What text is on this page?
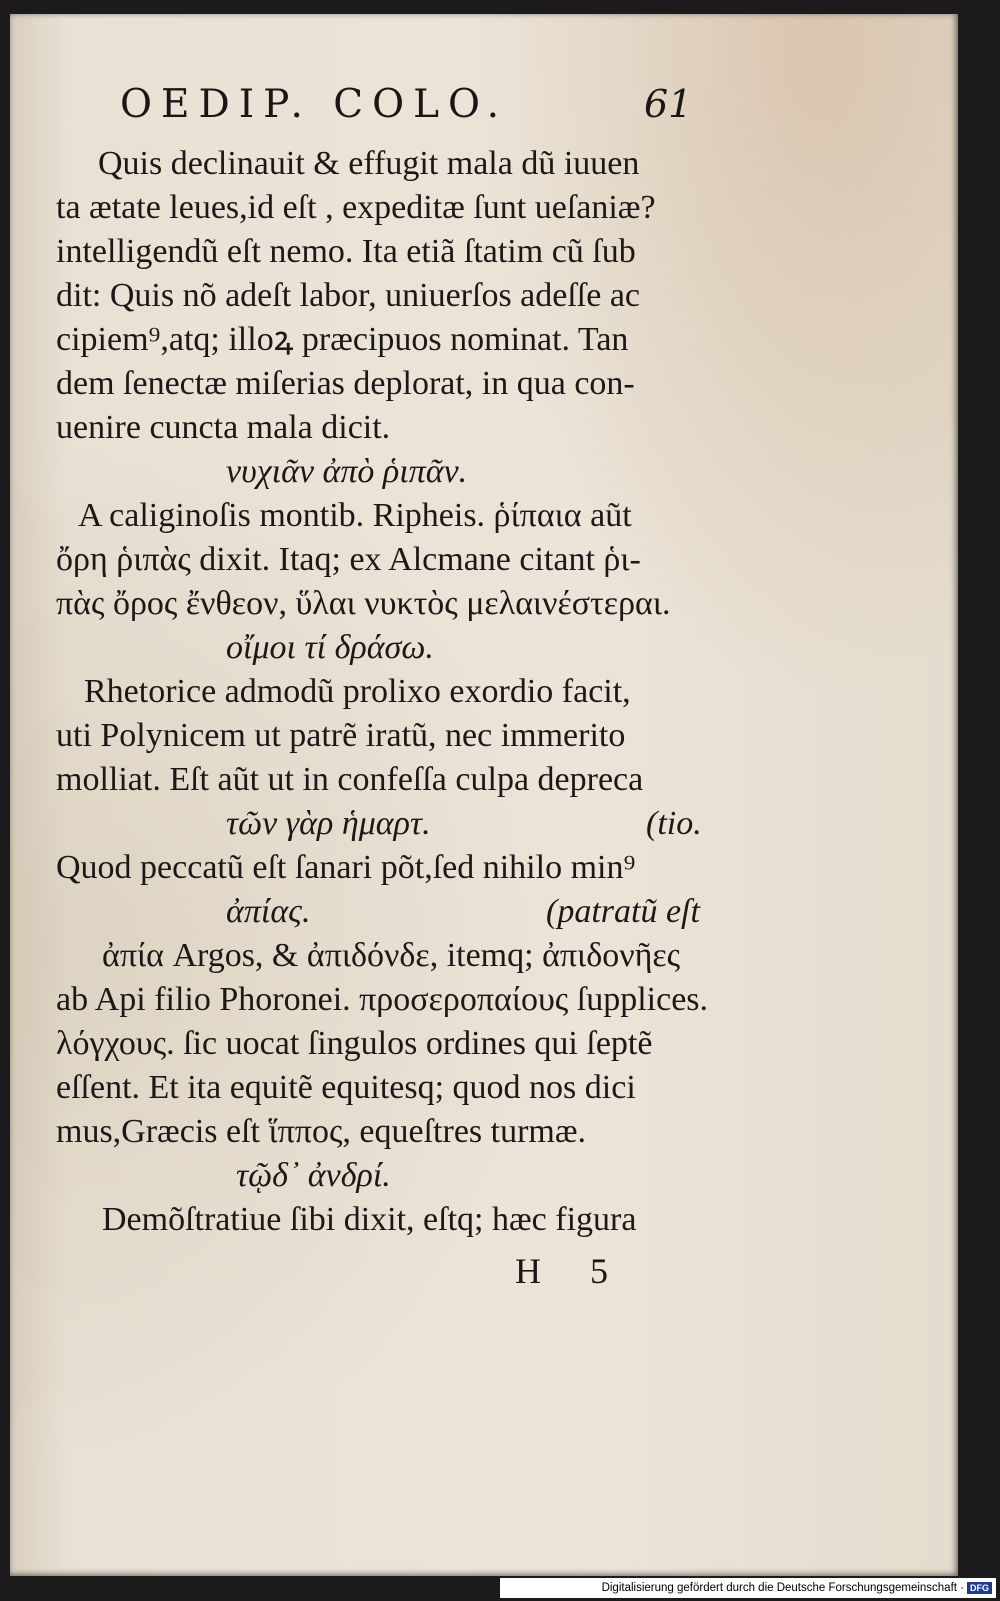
OEDIP. COLO.	61
Quis declinauit & effugit mala dũ iuuen
ta ætate leues,id eſt , expeditæ ſunt ueſaniæ?
intelligendũ eſt nemo. Ita etiã ſtatim cũ ſub
dit: Quis nõ adeſt labor, uniuerſos adeſſe ac
cipiem⁹,atq; illoꝝ præcipuos nominat. Tan
dem ſenectæ miſerias deplorat, in qua con-
uenire cuncta mala dicit.
νυχιᾶν ἀπὸ ῥιπᾶν.
A caliginoſis montib. Ripheis. ῥίπαια aũt
ὄρη ῥιπὰς dixit. Itaq; ex Alcmane citant ῥι-
πὰς ὄρος ἔνθεον, ὕλαι νυκτὸς μελαινέστεραι.
οἴμοι τί δράσω.
Rhetorice admodũ prolixo exordio facit,
uti Polynicem ut patrẽ iratũ, nec immerito
molliat. Eſt aũt ut in confeſſa culpa depreca
τῶν γὰρ ἡμαρτ.	(tio.
Quod peccatũ eſt ſanari põt,ſed nihilo min⁹
ἀπίας.	(patratũ eſt
ἀπία Argos, & ἀπιδόνδε, itemq; ἀπιδονῆες
ab Api filio Phoronei. προσεροπαίους ſupplices.
λόγχους. ſic uocat ſingulos ordines qui ſeptẽ
eſſent. Et ita equitẽ equitesq; quod nos dici
mus,Græcis eſt ἵππος, equeſtres turmæ.
τῷδ᾽ ἀνδρί.
Demõſtratiue ſibi dixit, eſtq; hæc figura
H 5
Digitalisierung gefördert durch die Deutsche Forschungsgemeinschaft · DFG
